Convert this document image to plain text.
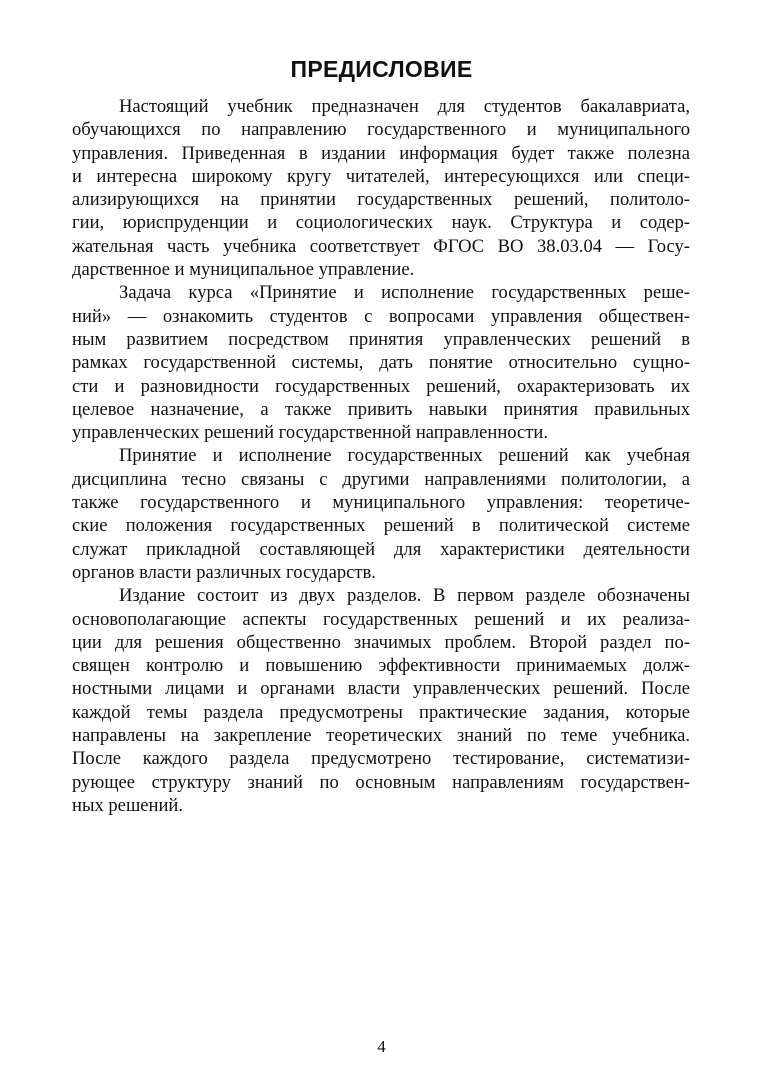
ПРЕДИСЛОВИЕ
Настоящий учебник предназначен для студентов бакалавриата,
обучающихся по направлению государственного и муниципального
управления. Приведенная в издании информация будет также полезна
и интересна широкому кругу читателей, интересующихся или специ-
ализирующихся на принятии государственных решений, политоло-
гии, юриспруденции и социологических наук. Структура и содер-
жательная часть учебника соответствует ФГОС ВО 38.03.04 — Госу-
дарственное и муниципальное управление.
Задача курса «Принятие и исполнение государственных реше-
ний» — ознакомить студентов с вопросами управления обществен-
ным развитием посредством принятия управленческих решений в
рамках государственной системы, дать понятие относительно сущно-
сти и разновидности государственных решений, охарактеризовать их
целевое назначение, а также привить навыки принятия правильных
управленческих решений государственной направленности.
Принятие и исполнение государственных решений как учебная
дисциплина тесно связаны с другими направлениями политологии, а
также государственного и муниципального управления: теоретиче-
ские положения государственных решений в политической системе
служат прикладной составляющей для характеристики деятельности
органов власти различных государств.
Издание состоит из двух разделов. В первом разделе обозначены
основополагающие аспекты государственных решений и их реализа-
ции для решения общественно значимых проблем. Второй раздел по-
священ контролю и повышению эффективности принимаемых долж-
ностными лицами и органами власти управленческих решений. После
каждой темы раздела предусмотрены практические задания, которые
направлены на закрепление теоретических знаний по теме учебника.
После каждого раздела предусмотрено тестирование, систематизи-
рующее структуру знаний по основным направлениям государствен-
ных решений.
4
